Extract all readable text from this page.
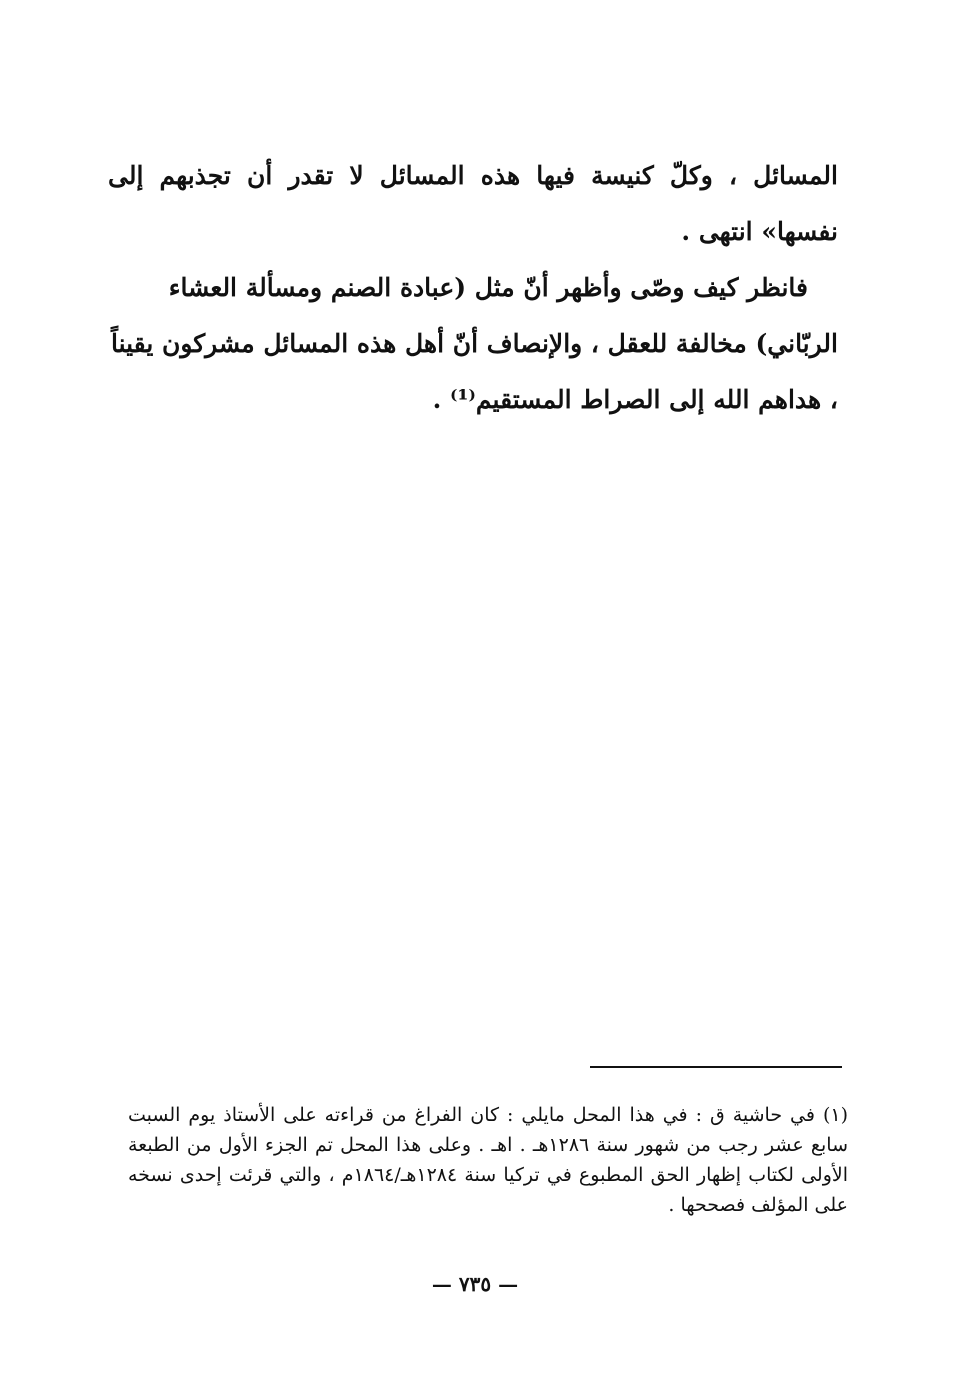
المسائل ، وكلّ كنيسة فيها هذه المسائل لا تقدر أن تجذبهم إلى نفسها» انتهى .

فانظر كيف وصّى وأظهر أنّ مثل (عبادة الصنم ومسألة العشاء الربّاني) مخالفة للعقل ، والإنصاف أنّ أهل هذه المسائل مشركون يقيناً ، هداهم الله إلى الصراط المستقيم⁽¹⁾ .

(١) في حاشية ق : في هذا المحل مايلي : كان الفراغ من قراءته على الأستاذ يوم السبت سابع عشر رجب من شهور سنة ١٢٨٦هـ . اهـ . وعلى هذا المحل تم الجزء الأول من الطبعة الأولى لكتاب إظهار الحق المطبوع في تركيا سنة ١٢٨٤هـ/١٨٦٤م ، والتي قرئت إحدى نسخه على المؤلف فصححها .

— ٧٣٥ —
